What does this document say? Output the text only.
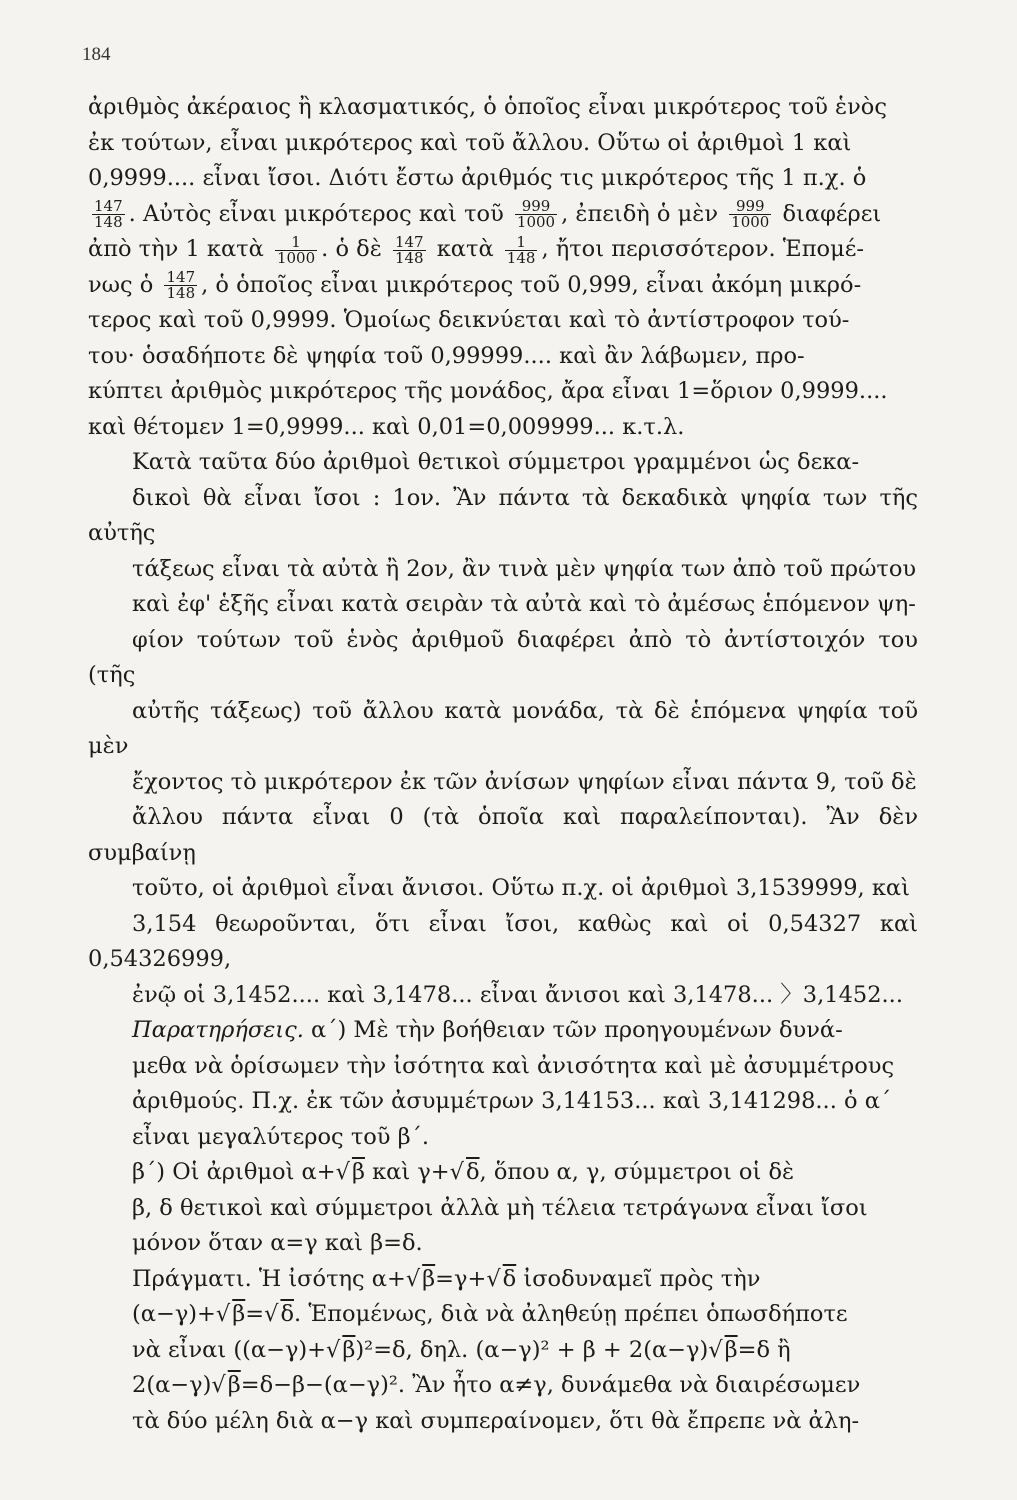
184

ἀριθμὸς ἀκέραιος ἢ κλασματικός, ὁ ὁποῖος εἶναι μικρότερος τοῦ ἑνὸς
ἐκ τούτων, εἶναι μικρότερος καὶ τοῦ ἄλλου. Οὕτω οἱ ἀριθμοὶ 1 καὶ
0,9999.... εἶναι ἴσοι. Διότι ἔστω ἀριθμός τις μικρότερος τῆς 1 π.χ. ὁ
$\frac{147}{148}$ . Αὐτὸς εἶναι μικρότερος καὶ τοῦ $\frac{999}{1000}$ , ἐπειδὴ ὁ μὲν $\frac{999}{1000}$ διαφέρει
ἀπὸ τὴν 1 κατὰ $\frac{1}{1000}$ . ὁ δὲ $\frac{147}{148}$ κατὰ $\frac{1}{148}$ , ἤτοι περισσότερον. Ἑπομέ-
νως ὁ $\frac{147}{148}$ , ὁ ὁποῖος εἶναι μικρότερος τοῦ 0,999, εἶναι ἀκόμη μικρό-
τερος καὶ τοῦ 0,9999. Ὁμοίως δεικνύεται καὶ τὸ ἀντίστροφον τού-
του· ὁσαδήποτε δὲ ψηφία τοῦ 0,99999.... καὶ ἂν λάβωμεν, προ-
κύπτει ἀριθμὸς μικρότερος τῆς μονάδος, ἄρα εἶναι 1=ὅριον 0,9999....
καὶ θέτομεν 1=0,9999... καὶ 0,01=0,009999... κ.τ.λ.

Κατὰ ταῦτα δύο ἀριθμοὶ θετικοὶ σύμμετροι γραμμένοι ὡς δεκα-
δικοὶ θὰ εἶναι ἴσοι : 1ον. Ἂν πάντα τὰ δεκαδικὰ ψηφία των τῆς αὐτῆς
τάξεως εἶναι τὰ αὐτὰ ἢ 2ον, ἂν τινὰ μὲν ψηφία των ἀπὸ τοῦ πρώτου
καὶ ἐφ' ἑξῆς εἶναι κατὰ σειρὰν τὰ αὐτὰ καὶ τὸ ἀμέσως ἑπόμενον ψη-
φίον τούτων τοῦ ἑνὸς ἀριθμοῦ διαφέρει ἀπὸ τὸ ἀντίστοιχόν του (τῆς
αὐτῆς τάξεως) τοῦ ἄλλου κατὰ μονάδα, τὰ δὲ ἑπόμενα ψηφία τοῦ μὲν
ἔχοντος τὸ μικρότερον ἐκ τῶν ἀνίσων ψηφίων εἶναι πάντα 9, τοῦ δὲ
ἄλλου πάντα εἶναι 0 (τὰ ὁποῖα καὶ παραλείπονται). Ἂν δὲν συμβαίνῃ
τοῦτο, οἱ ἀριθμοὶ εἶναι ἄνισοι. Οὕτω π.χ. οἱ ἀριθμοὶ 3,1539999, καὶ
3,154 θεωροῦνται, ὅτι εἶναι ἴσοι, καθὼς καὶ οἱ 0,54327 καὶ 0,54326999,
ἐνῷ οἱ 3,1452.... καὶ 3,1478... εἶναι ἄνισοι καὶ 3,1478... 〉3,1452...

Παρατηρήσεις. α΄) Μὲ τὴν βοήθειαν τῶν προηγουμένων δυνά-
μεθα νὰ ὁρίσωμεν τὴν ἰσότητα καὶ ἀνισότητα καὶ μὲ ἀσυμμέτρους
ἀριθμούς. Π.χ. ἐκ τῶν ἀσυμμέτρων 3,14153... καὶ 3,141298... ὁ α΄
εἶναι μεγαλύτερος τοῦ β΄.

β΄) Οἱ ἀριθμοὶ α+√β καὶ γ+√δ, ὅπου α, γ, σύμμετροι οἱ δὲ
β, δ θετικοὶ καὶ σύμμετροι ἀλλὰ μὴ τέλεια τετράγωνα εἶναι ἴσοι
μόνον ὅταν α=γ καὶ β=δ.

Πράγματι. Ἡ ἰσότης α+√β=γ+√δ ἰσοδυναμεῖ πρὸς τὴν
(α−γ)+√β=√δ. Ἑπομένως, διὰ νὰ ἀληθεύῃ πρέπει ὁπωσδήποτε
νὰ εἶναι ((α−γ)+√β)²=δ, δηλ. (α−γ)² + β + 2(α−γ)√β=δ ἢ
2(α−γ)√β=δ−β−(α−γ)². Ἂν ἦτο α≠γ, δυνάμεθα νὰ διαιρέσωμεν
τὰ δύο μέλη διὰ α−γ καὶ συμπεραίνομεν, ὅτι θὰ ἔπρεπε νὰ ἀλη-
